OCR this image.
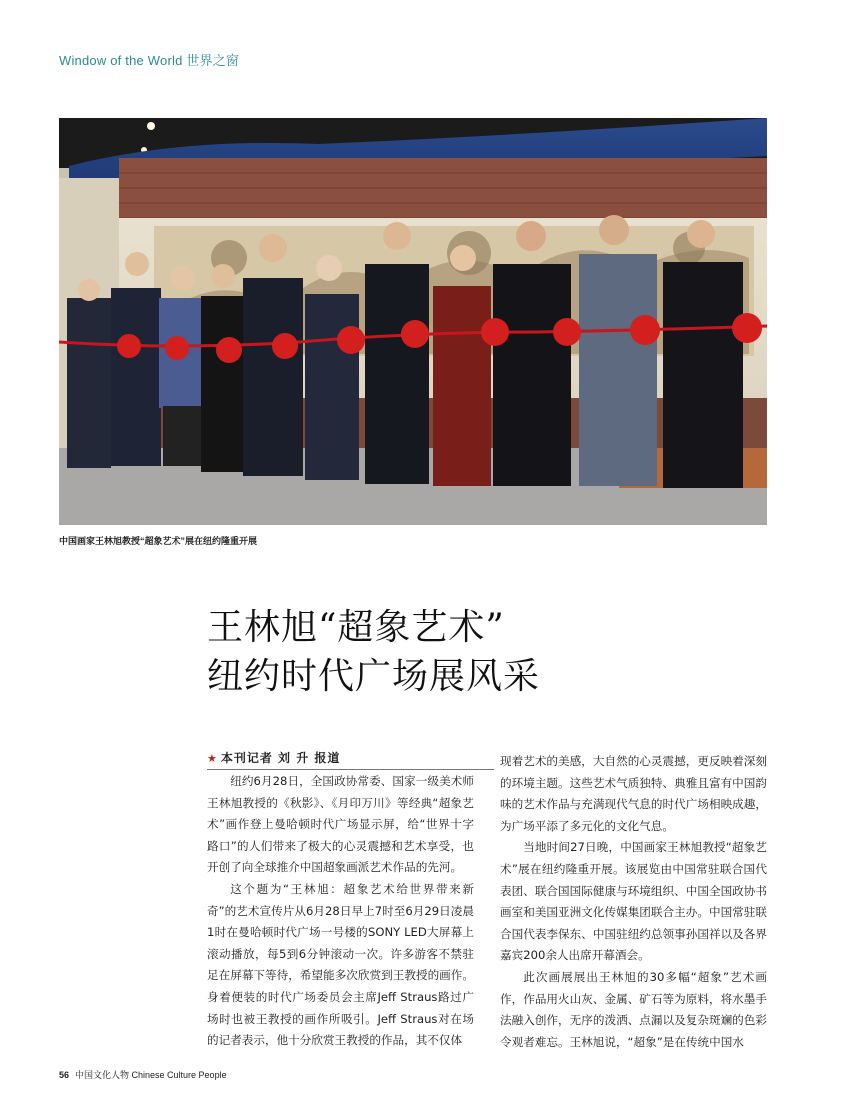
Window of the World 世界之窗
中国画家王林旭教授“超象艺术”展在纽约隆重开展
王林旭“超象艺术”
纽约时代广场展风采
★ 本刊记者 刘 升 报道

纽约6月28日，全国政协常委、国家一级美术师王林旭教授的《秋影》、《月印万川》等经典“超象艺术”画作登上曼哈顿时代广场显示屏，给“世界十字路口”的人们带来了极大的心灵震撼和艺术享受，也开创了向全球推介中国超象画派艺术作品的先河。

这个题为“王林旭：超象艺术给世界带来新奇”的艺术宣传片从6月28日早上7时至6月29日凌晨1时在曼哈顿时代广场一号楼的SONY LED大屏幕上滚动播放，每5到6分钟滚动一次。许多游客不禁驻足在屏幕下等待，希望能多次欣赏到王教授的画作。身着便装的时代广场委员会主席Jeff Straus路过广场时也被王教授的画作所吸引。Jeff Straus对在场的记者表示，他十分欣赏王教授的作品，其不仅体

现着艺术的美感，大自然的心灵震撼，更反映着深刻的环境主题。这些艺术气质独特、典雅且富有中国韵味的艺术作品与充满现代气息的时代广场相映成趣，为广场平添了多元化的文化气息。

当地时间27日晚，中国画家王林旭教授“超象艺术”展在纽约隆重开展。该展览由中国常驻联合国代表团、联合国国际健康与环境组织、中国全国政协书画室和美国亚洲文化传媒集团联合主办。中国常驻联合国代表李保东、中国驻纽约总领事孙国祥以及各界嘉宾200余人出席开幕酒会。

此次画展展出王林旭的30多幅“超象”艺术画作，作品用火山灰、金属、矿石等为原料，将水墨手法融入创作，无序的泼洒、点漏以及复杂斑斓的色彩令观者难忘。王林旭说，“超象”是在传统中国水

56 中国文化人物 Chinese Culture People
